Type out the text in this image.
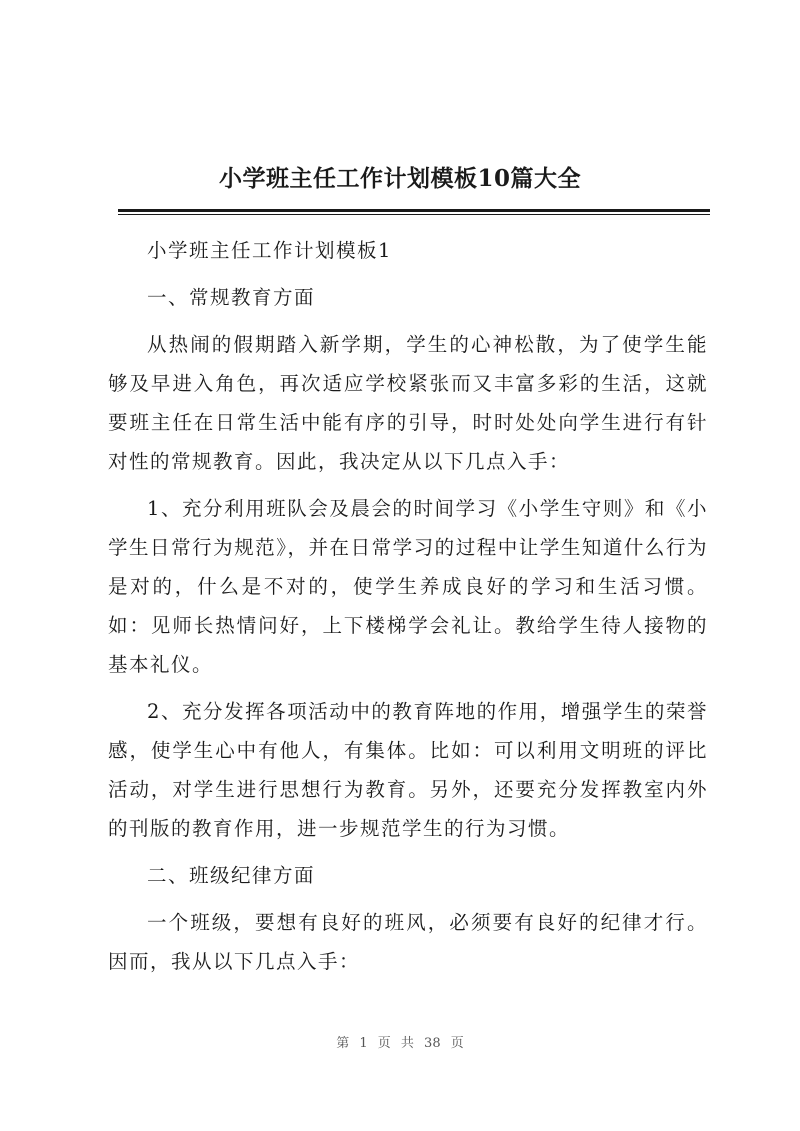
小学班主任工作计划模板10篇大全

小学班主任工作计划模板1

一、常规教育方面

从热闹的假期踏入新学期，学生的心神松散，为了使学生能够及早进入角色，再次适应学校紧张而又丰富多彩的生活，这就要班主任在日常生活中能有序的引导，时时处处向学生进行有针对性的常规教育。因此，我决定从以下几点入手：

1、充分利用班队会及晨会的时间学习《小学生守则》和《小学生日常行为规范》，并在日常学习的过程中让学生知道什么行为是对的，什么是不对的，使学生养成良好的学习和生活习惯。如：见师长热情问好，上下楼梯学会礼让。教给学生待人接物的基本礼仪。

2、充分发挥各项活动中的教育阵地的作用，增强学生的荣誉感，使学生心中有他人，有集体。比如：可以利用文明班的评比活动，对学生进行思想行为教育。另外，还要充分发挥教室内外的刊版的教育作用，进一步规范学生的行为习惯。

二、班级纪律方面

一个班级，要想有良好的班风，必须要有良好的纪律才行。因而，我从以下几点入手：

第 1 页 共 38 页
